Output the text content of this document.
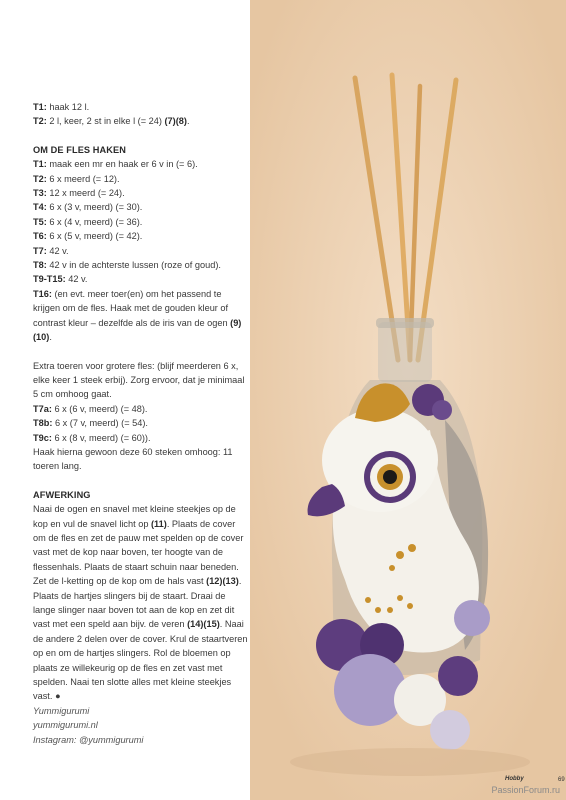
T1: haak 12 l.

T2: 2 l, keer, 2 st in elke l (= 24) (7)(8).

OM DE FLES HAKEN

T1: maak een mr en haak er 6 v in (= 6).

T2: 6 x meerd (= 12).

T3: 12 x meerd (= 24).

T4: 6 x (3 v, meerd) (= 30).

T5: 6 x (4 v, meerd) (= 36).

T6: 6 x (5 v, meerd) (= 42).

T7: 42 v.

T8: 42 v in de achterste lussen (roze of goud).

T9-T15: 42 v.

T16: (en evt. meer toer(en) om het passend te krijgen om de fles. Haak met de gouden kleur of contrast kleur – dezelfde als de iris van de ogen (9)(10).

Extra toeren voor grotere fles: (blijf meerderen 6 x, elke keer 1 steek erbij). Zorg ervoor, dat je minimaal 5 cm omhoog gaat.

T7a: 6 x (6 v, meerd) (= 48).

T8b: 6 x (7 v, meerd) (= 54).

T9c: 6 x (8 v, meerd) (= 60)).

Haak hierna gewoon deze 60 steken omhoog: 11 toeren lang.

AFWERKING

Naai de ogen en snavel met kleine steekjes op de kop en vul de snavel licht op (11). Plaats de cover om de fles en zet de pauw met spelden op de cover vast met de kop naar boven, ter hoogte van de flessenhals. Plaats de staart schuin naar beneden. Zet de l-ketting op de kop om de hals vast (12)(13). Plaats de hartjes slingers bij de staart. Draai de lange slinger naar boven tot aan de kop en zet dit vast met een speld aan bijv. de veren (14)(15). Naai de andere 2 delen over de cover. Krul de staartveren op en om de hartjes slingers. Rol de bloemen op plaats ze willekeurig op de fles en zet vast met spelden. Naai ten slotte alles met kleine steekjes vast. ●

Yummigurumi

yummigurumi.nl

Instagram: @yummigurumi

Hobby	69
PassionForum.ru
